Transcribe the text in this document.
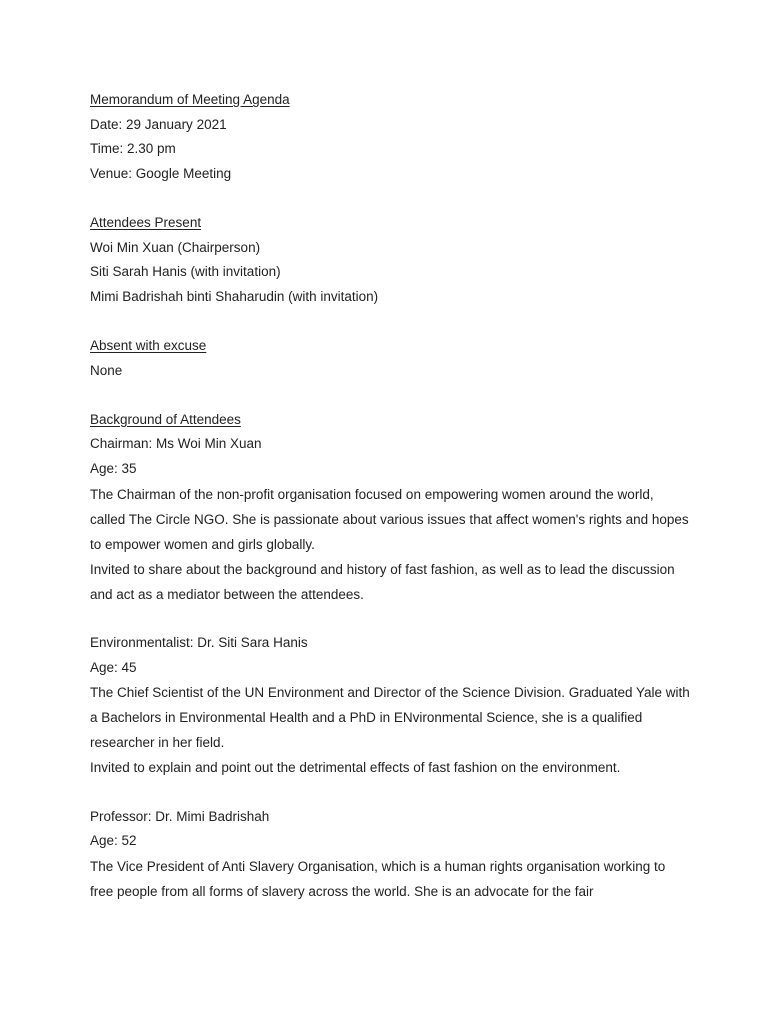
Memorandum of Meeting Agenda
Date: 29 January 2021
Time: 2.30 pm
Venue: Google Meeting
Attendees Present
Woi Min Xuan (Chairperson)
Siti Sarah Hanis (with invitation)
Mimi Badrishah binti Shaharudin (with invitation)
Absent with excuse
None
Background of Attendees
Chairman: Ms Woi Min Xuan
Age: 35
The Chairman of the non-profit organisation focused on empowering women around the world, called The Circle NGO. She is passionate about various issues that affect women's rights and hopes to empower women and girls globally.
Invited to share about the background and history of fast fashion, as well as to lead the discussion and act as a mediator between the attendees.
Environmentalist: Dr. Siti Sara Hanis
Age: 45
The Chief Scientist of the UN Environment and Director of the Science Division. Graduated Yale with a Bachelors in Environmental Health and a PhD in ENvironmental Science, she is a qualified researcher in her field.
Invited to explain and point out the detrimental effects of fast fashion on the environment.
Professor: Dr. Mimi Badrishah
Age: 52
The Vice President of Anti Slavery Organisation, which is a human rights organisation working to free people from all forms of slavery across the world. She is an advocate for the fair
